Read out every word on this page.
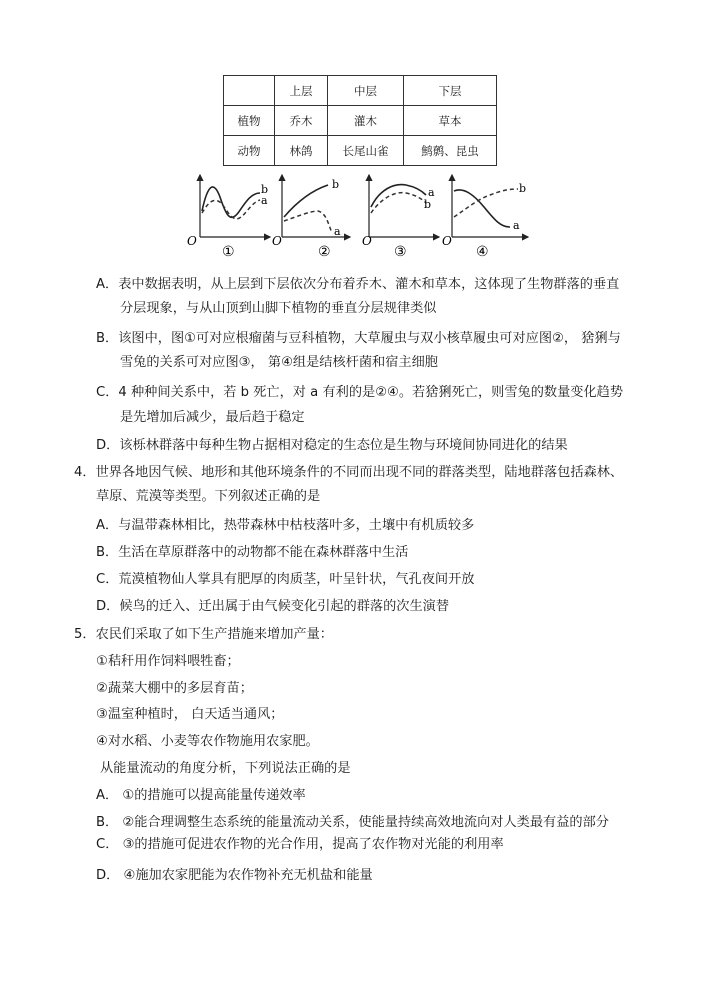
	上层	中层	下层
植物	乔木	灌木	草本
动物	林鸽	长尾山雀	鹪鹩、昆虫
b
a
O
①
b
a
O
②
a
b
O
③
b
a
O
④
A．表中数据表明，从上层到下层依次分布着乔木、灌木和草本，这体现了生物群落的垂直
分层现象，与从山顶到山脚下植物的垂直分层规律类似
B．该图中，图①可对应根瘤菌与豆科植物，大草履虫与双小核草履虫可对应图②， 猞猁与
雪兔的关系可对应图③， 第④组是结核杆菌和宿主细胞
C．4 种种间关系中，若 b 死亡，对 a 有利的是②④。若猞猁死亡，则雪兔的数量变化趋势
是先增加后减少，最后趋于稳定
D．该栎林群落中每种生物占据相对稳定的生态位是生物与环境间协同进化的结果
4．世界各地因气候、地形和其他环境条件的不同而出现不同的群落类型，陆地群落包括森林、
草原、荒漠等类型。下列叙述正确的是
A．与温带森林相比，热带森林中枯枝落叶多，土壤中有机质较多
B．生活在草原群落中的动物都不能在森林群落中生活
C．荒漠植物仙人掌具有肥厚的肉质茎，叶呈针状，气孔夜间开放
D．候鸟的迁入、迁出属于由气候变化引起的群落的次生演替
5．农民们采取了如下生产措施来增加产量：
①秸秆用作饲料喂牲畜；
②蔬菜大棚中的多层育苗；
③温室种植时， 白天适当通风；
④对水稻、小麦等农作物施用农家肥。
从能量流动的角度分析，下列说法正确的是
A． ①的措施可以提高能量传递效率
B． ②能合理调整生态系统的能量流动关系，使能量持续高效地流向对人类最有益的部分
C． ③的措施可促进农作物的光合作用，提高了农作物对光能的利用率
D． ④施加农家肥能为农作物补充无机盐和能量
